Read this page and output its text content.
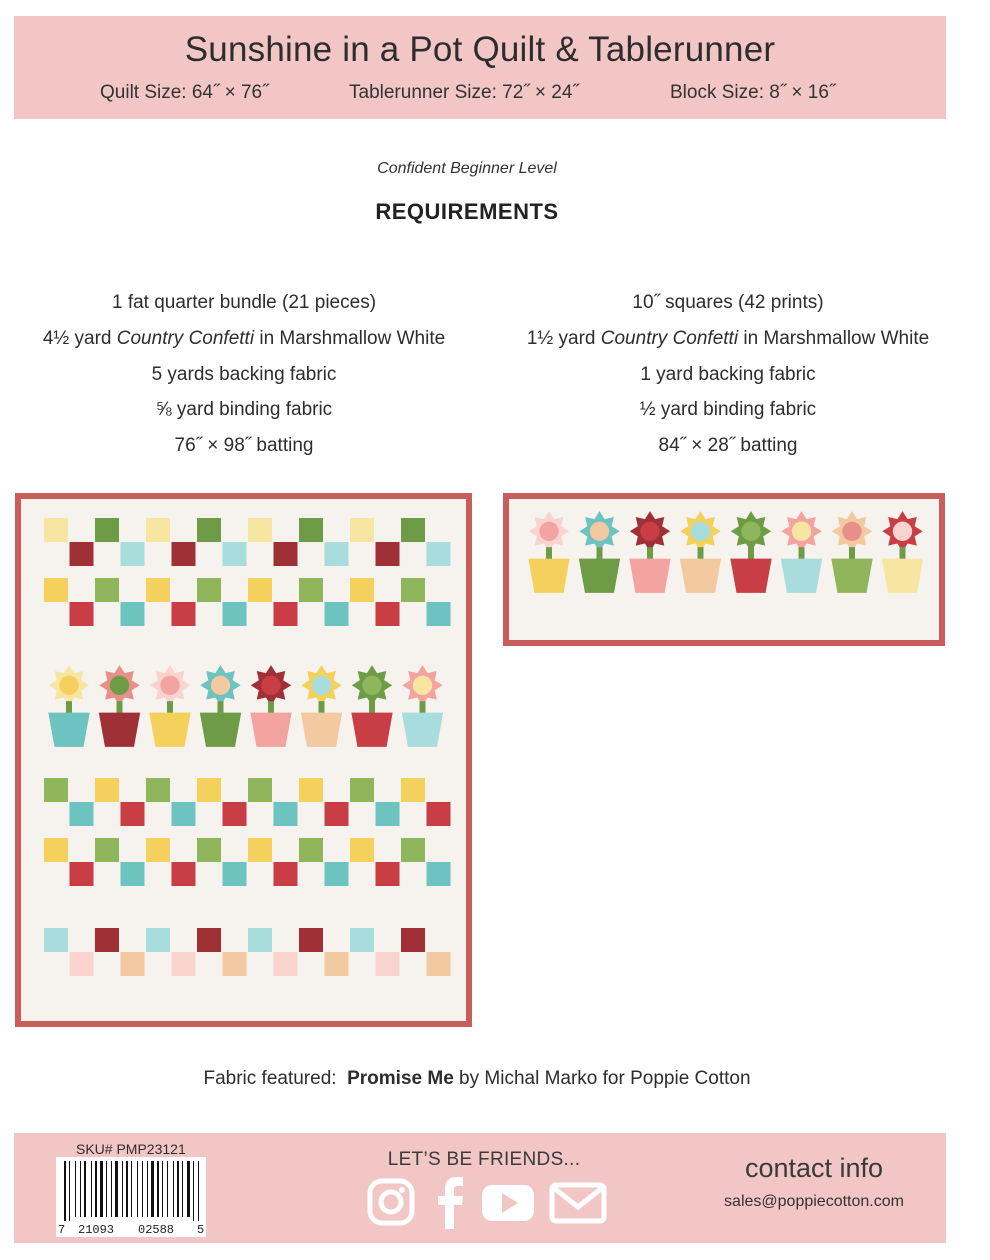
Sunshine in a Pot Quilt & Tablerunner
Quilt Size: 64˝ × 76˝	Tablerunner Size: 72˝ × 24˝	Block Size: 8˝ × 16˝
Confident Beginner Level
REQUIREMENTS
1 fat quarter bundle (21 pieces)
4½ yard Country Confetti in Marshmallow White
5 yards backing fabric
⅝ yard binding fabric
76˝ × 98˝ batting
10˝ squares (42 prints)
1½ yard Country Confetti in Marshmallow White
1 yard backing fabric
½ yard binding fabric
84˝ × 28˝ batting
Fabric featured: Promise Me by Michal Marko for Poppie Cotton
SKU# PMP23121
7 21093 02588 5
LET’S BE FRIENDS...	contact info
sales@poppiecotton.com
